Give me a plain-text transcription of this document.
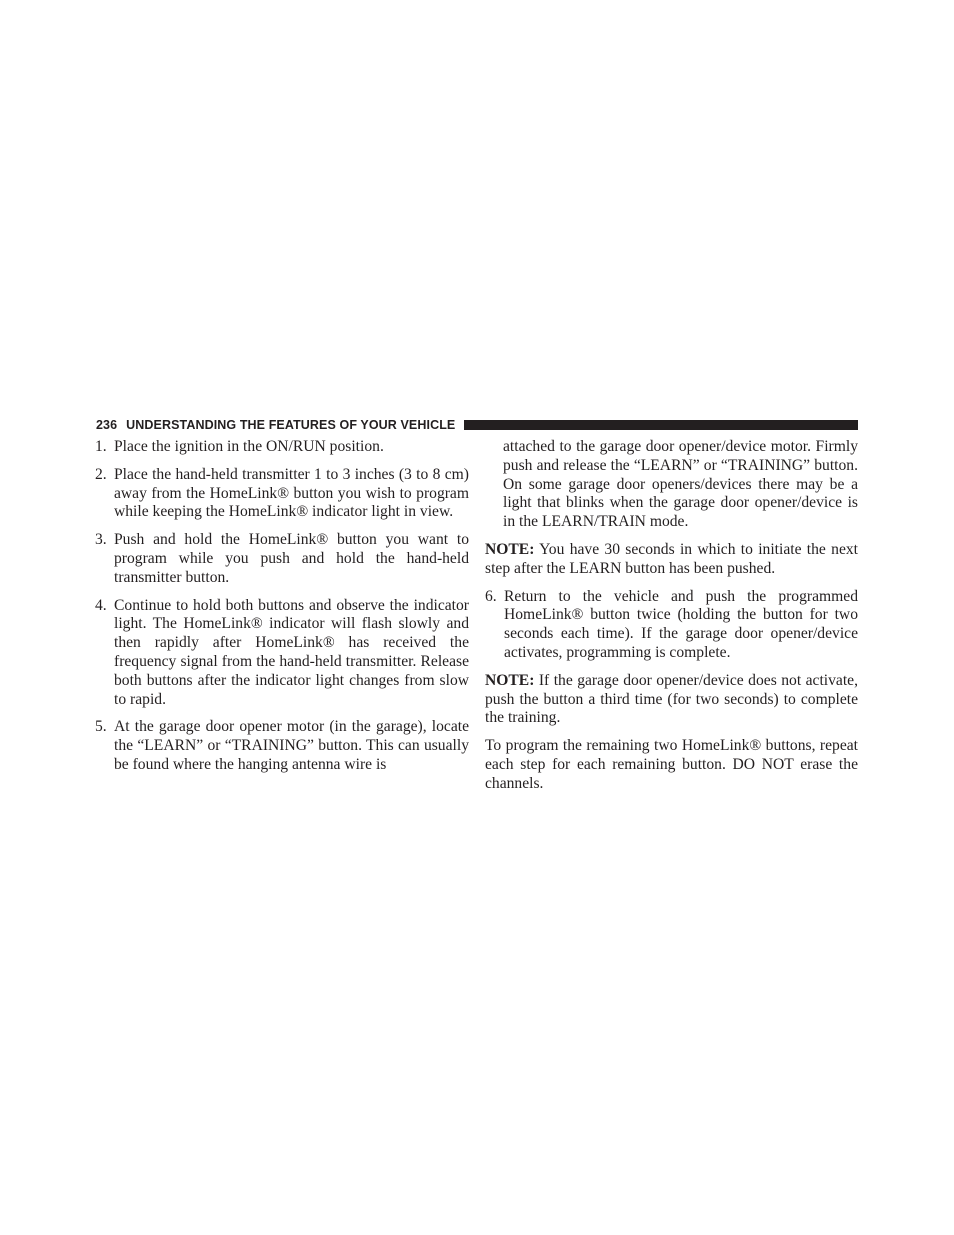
236 UNDERSTANDING THE FEATURES OF YOUR VEHICLE
1. Place the ignition in the ON/RUN position.
2. Place the hand-held transmitter 1 to 3 inches (3 to 8 cm) away from the HomeLink® button you wish to program while keeping the HomeLink® indicator light in view.
3. Push and hold the HomeLink® button you want to program while you push and hold the hand-held transmitter button.
4. Continue to hold both buttons and observe the indicator light. The HomeLink® indicator will flash slowly and then rapidly after HomeLink® has received the frequency signal from the hand-held transmitter. Release both buttons after the indicator light changes from slow to rapid.
5. At the garage door opener motor (in the garage), locate the “LEARN” or “TRAINING” button. This can usually be found where the hanging antenna wire is

attached to the garage door opener/device motor. Firmly push and release the “LEARN” or “TRAINING” button. On some garage door openers/devices there may be a light that blinks when the garage door opener/device is in the LEARN/TRAIN mode.

NOTE: You have 30 seconds in which to initiate the next step after the LEARN button has been pushed.

6. Return to the vehicle and push the programmed HomeLink® button twice (holding the button for two seconds each time). If the garage door opener/device activates, programming is complete.

NOTE: If the garage door opener/device does not activate, push the button a third time (for two seconds) to complete the training.

To program the remaining two HomeLink® buttons, repeat each step for each remaining button. DO NOT erase the channels.
